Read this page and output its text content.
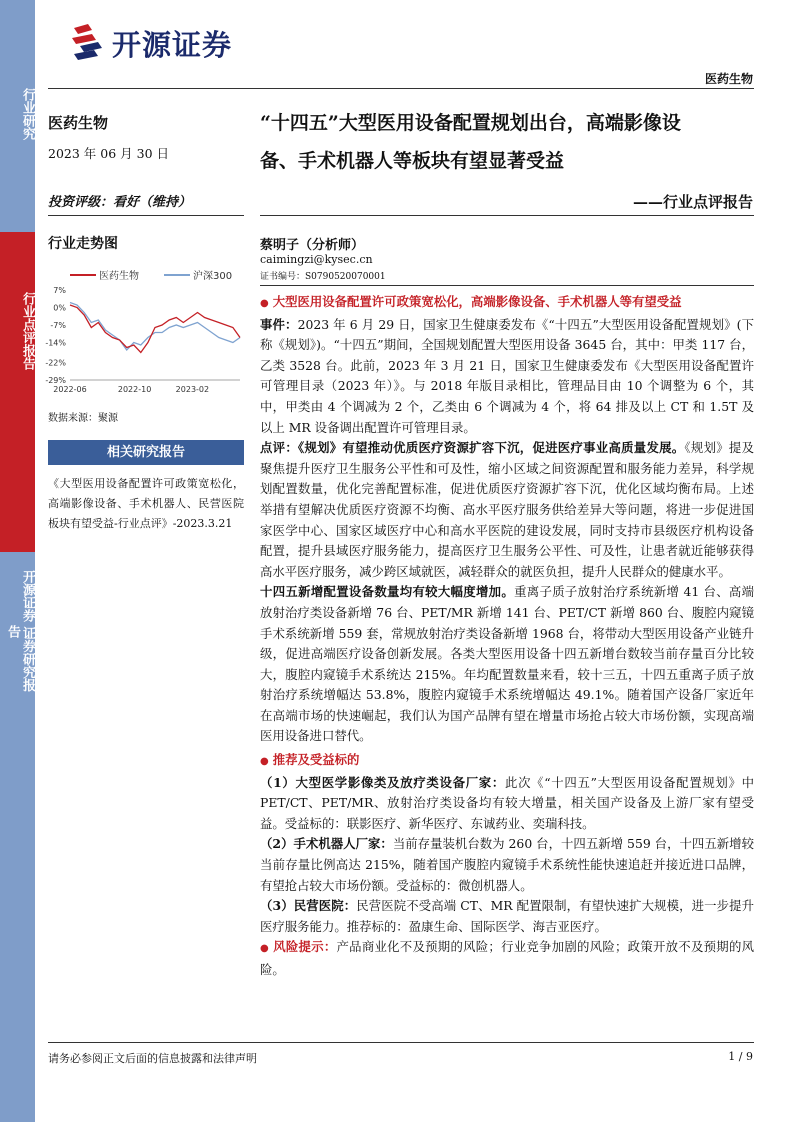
行业研究
行业点评报告
开源证券 证券研究报告
开源证券
医药生物
医药生物
2023 年 06 月 30 日
投资评级：看好（维持）
行业走势图
医药生物	沪深300
7%
0%
-7%
-14%
-22%
-29%
2022-06	2022-10	2023-02
数据来源：聚源
相关研究报告
《大型医用设备配置许可政策宽松化，高端影像设备、手术机器人、民营医院板块有望受益-行业点评》-2023.3.21
“十四五”大型医用设备配置规划出台，高端影像设
备、手术机器人等板块有望显著受益
——行业点评报告
蔡明子（分析师）
caimingzi@kysec.cn
证书编号：S0790520070001

● 大型医用设备配置许可政策宽松化，高端影像设备、手术机器人等有望受益

事件：2023 年 6 月 29 日，国家卫生健康委发布《“十四五”大型医用设备配置规划》(下称《规划》)。“十四五”期间，全国规划配置大型医用设备 3645 台，其中：甲类 117 台，乙类 3528 台。此前，2023 年 3 月 21 日，国家卫生健康委发布《大型医用设备配置许可管理目录（2023 年）》。与 2018 年版目录相比，管理品目由 10 个调整为 6 个，其中，甲类由 4 个调减为 2 个，乙类由 6 个调减为 4 个，将 64 排及以上 CT 和 1.5T 及以上 MR 设备调出配置许可管理目录。

点评：《规划》有望推动优质医疗资源扩容下沉，促进医疗事业高质量发展。《规划》提及聚焦提升医疗卫生服务公平性和可及性，缩小区域之间资源配置和服务能力差异，科学规划配置数量，优化完善配置标准，促进优质医疗资源扩容下沉，优化区域均衡布局。上述举措有望解决优质医疗资源不均衡、高水平医疗服务供给差异大等问题，将进一步促进国家医学中心、国家区域医疗中心和高水平医院的建设发展，同时支持市县级医疗机构设备配置，提升县域医疗服务能力，提高医疗卫生服务公平性、可及性，让患者就近能够获得高水平医疗服务，减少跨区域就医，减轻群众的就医负担，提升人民群众的健康水平。

十四五新增配置设备数量均有较大幅度增加。重离子质子放射治疗系统新增 41 台、高端放射治疗类设备新增 76 台、PET/MR 新增 141 台、PET/CT 新增 860 台、腹腔内窥镜手术系统新增 559 套，常规放射治疗类设备新增 1968 台，将带动大型医用设备产业链升级，促进高端医疗设备创新发展。各类大型医用设备十四五新增台数较当前存量百分比较大，腹腔内窥镜手术系统达 215%。年均配置数量来看，较十三五，十四五重离子质子放射治疗系统增幅达 53.8%，腹腔内窥镜手术系统增幅达 49.1%。随着国产设备厂家近年在高端市场的快速崛起，我们认为国产品牌有望在增量市场抢占较大市场份额，实现高端医用设备进口替代。

● 推荐及受益标的

（1）大型医学影像类及放疗类设备厂家：此次《“十四五”大型医用设备配置规划》中 PET/CT、PET/MR、放射治疗类设备均有较大增量，相关国产设备及上游厂家有望受益。受益标的：联影医疗、新华医疗、东诚药业、奕瑞科技。

（2）手术机器人厂家：当前存量装机台数为 260 台，十四五新增 559 台，十四五新增较当前存量比例高达 215%，随着国产腹腔内窥镜手术系统性能快速追赶并接近进口品牌，有望抢占较大市场份额。受益标的：微创机器人。

（3）民营医院：民营医院不受高端 CT、MR 配置限制，有望快速扩大规模，进一步提升医疗服务能力。推荐标的：盈康生命、国际医学、海吉亚医疗。

● 风险提示：产品商业化不及预期的风险；行业竞争加剧的风险；政策开放不及预期的风险。

请务必参阅正文后面的信息披露和法律声明	1 / 9
